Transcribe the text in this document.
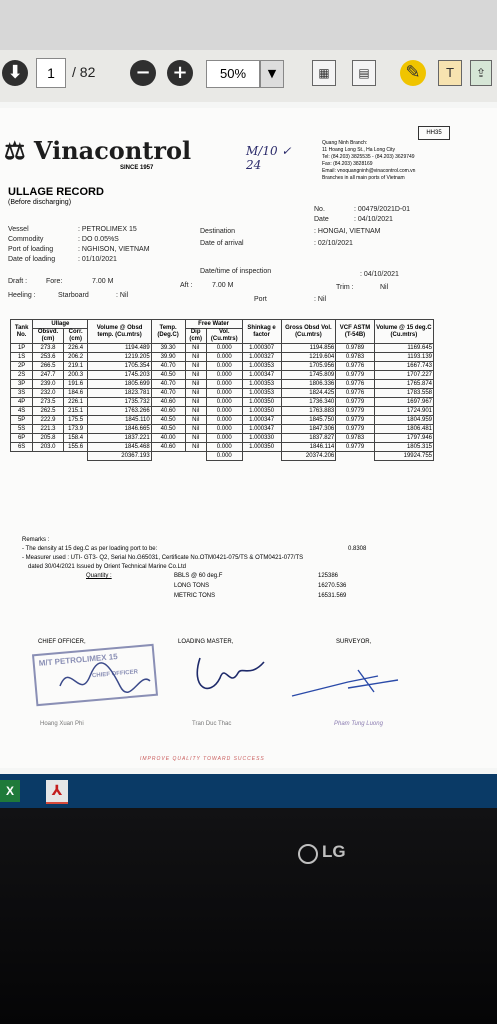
⬇	1	/ 82	−	+	50%	▼	▦	▤	✎	T	⇪
HH35
⚖ Vinacontrol
SINCE 1957
M/10 ✓
24
Quang Ninh Branch:
11 Hoang Long St., Ha Long City
Tel: (84.203) 3825535 - (84.203) 3629749
Fax: (84.203) 3828169
Email: vnoquangninh@vinacontrol.com.vn
Branches in all main ports of Vietnam
ULLAGE RECORD
(Before discharging)
No.	: 00479/2021D-01
Date	: 04/10/2021
Vessel	: PETROLIMEX 15
Commodity	: DO 0.05%S
Port of loading	: NGHISON, VIETNAM
Date of loading	: 01/10/2021
Destination	: HONGAI, VIETNAM
Date of arrival	: 02/10/2021
Date/time of inspection	: 04/10/2021
Draft :	Fore:	7.00 M
Aft :	7.00 M	Trim :	Nil
Heeling :	Starboard	: Nil
Port	: Nil
Tank No.	Ullage		Volume @ Obsd temp. (Cu.mtrs)	Temp. (Deg.C)	Free Water		Shinkag e factor	Gross Obsd Vol. (Cu.mtrs)	VCF ASTM (T-54B)	Volume @ 15 deg.C (Cu.mtrs)
	Obsvd. (cm)	Corr. (cm)			Dip (cm)	Vol. (Cu.mtrs)				
1P	273.8	226.4	1194.489	39.30	Nil	0.000	1.000307	1194.856	0.9789	1169.645
1S	253.6	206.2	1219.205	39.90	Nil	0.000	1.000327	1219.604	0.9783	1193.139
2P	266.5	219.1	1705.354	40.70	Nil	0.000	1.000353	1705.956	0.9776	1667.743
2S	247.7	200.3	1745.203	40.50	Nil	0.000	1.000347	1745.809	0.9779	1707.227
3P	239.0	191.6	1805.699	40.70	Nil	0.000	1.000353	1806.336	0.9776	1765.874
3S	232.0	184.6	1823.781	40.70	Nil	0.000	1.000353	1824.425	0.9776	1783.558
4P	273.5	226.1	1735.732	40.60	Nil	0.000	1.000350	1736.340	0.9779	1697.967
4S	262.5	215.1	1763.266	40.60	Nil	0.000	1.000350	1763.883	0.9779	1724.901
5P	222.9	175.5	1845.110	40.50	Nil	0.000	1.000347	1845.750	0.9779	1804.959
5S	221.3	173.9	1846.665	40.50	Nil	0.000	1.000347	1847.306	0.9779	1806.481
6P	205.8	158.4	1837.221	40.00	Nil	0.000	1.000330	1837.827	0.9783	1797.946
6S	203.0	155.6	1845.468	40.60	Nil	0.000	1.000350	1846.114	0.9779	1805.315
			20367.193			0.000		20374.206		19924.755
Remarks :
- The density at 15 deg.C as per loading port to be:	0.8308
- Measurer used : UTI- GT3- Q2, Serial No.G65031, Certificate No.OTM0421-075/TS & OTM0421-077/TS
dated 30/04/2021 Issued by Orient Technical Marine Co.Ltd
Quantity :	BBLS @ 60 deg.F	125386
LONG TONS	16270.536
METRIC TONS	16531.569
CHIEF OFFICER,	LOADING MASTER,	SURVEYOR,
M/T PETROLIMEX 15
CHIEF OFFICER
Hoang Xuan Phi	Tran Duc Thac	Pham Tung Luong
IMPROVE QUALITY TOWARD SUCCESS
X	⅄
LG
